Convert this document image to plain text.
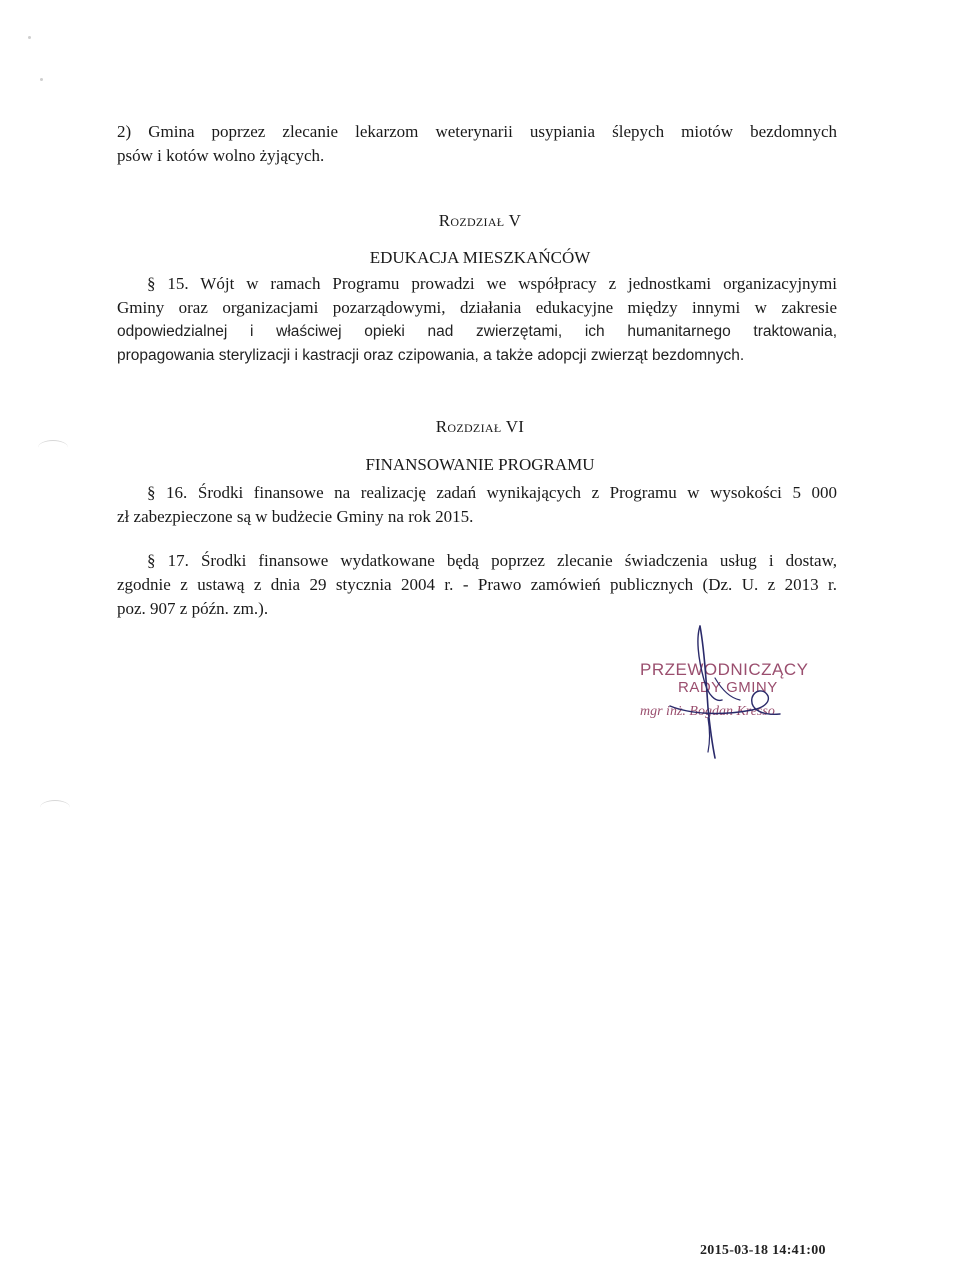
2) Gmina poprzez zlecanie lekarzom weterynarii usypiania ślepych miotów bezdomnych
psów i kotów wolno żyjących.
Rozdział V
EDUKACJA MIESZKAŃCÓW
§ 15. Wójt w ramach Programu prowadzi we współpracy z jednostkami organizacyjnymi
Gminy oraz organizacjami pozarządowymi, działania edukacyjne między innymi w zakresie
odpowiedzialnej i właściwej opieki nad zwierzętami, ich humanitarnego traktowania,
propagowania sterylizacji i kastracji oraz czipowania, a także adopcji zwierząt bezdomnych.
Rozdział VI
FINANSOWANIE PROGRAMU
§ 16. Środki finansowe na realizację zadań wynikających z Programu w wysokości 5 000
zł zabezpieczone są w budżecie Gminy na rok 2015.
§ 17. Środki finansowe wydatkowane będą poprzez zlecanie świadczenia usług i dostaw,
zgodnie z ustawą z dnia 29 stycznia 2004 r. - Prawo zamówień publicznych (Dz. U. z 2013 r.
poz. 907 z późn. zm.).
PRZEWODNICZĄCY
RADY GMINY
mgr inż. Bogdan Kresso
2015-03-18 14:41:00
